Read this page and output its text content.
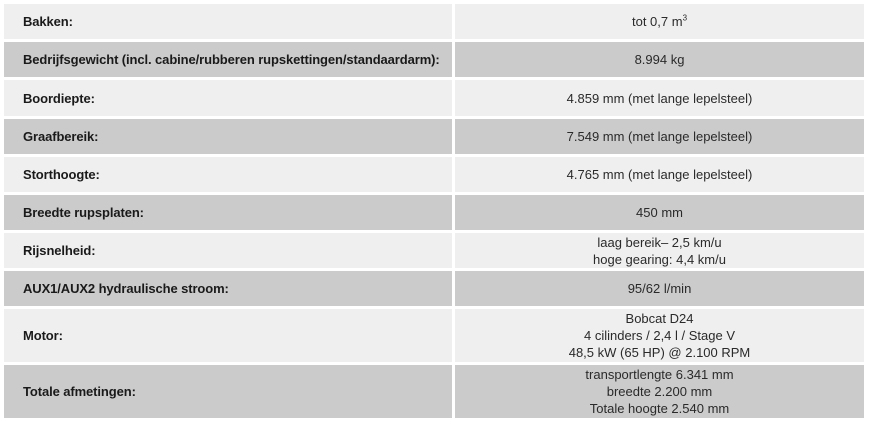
Bakken:		tot 0,7 $m^3$
Bedrijfsgewicht (incl. cabine/rubberen rupskettingen/standaardarm):		8.994 kg

Boordiepte:		4.859 mm (met lange lepelsteel)

Graafbereik:		7.549 mm (met lange lepelsteel)

Storthoogte:		4.765 mm (met lange lepelsteel)

Breedte rupsplaten:		450 mm

Rijsnelheid:		laag bereik– 2,5 km/u
hoge gearing: 4,4 km/u

AUX1/AUX2 hydraulische stroom:		95/62 l/min

Motor:		Bobcat D24
4 cilinders / 2,4 l / Stage V
48,5 kW (65 HP) @ 2.100 RPM

Totale afmetingen:		transportlengte 6.341 mm
breedte 2.200 mm
Totale hoogte 2.540 mm
